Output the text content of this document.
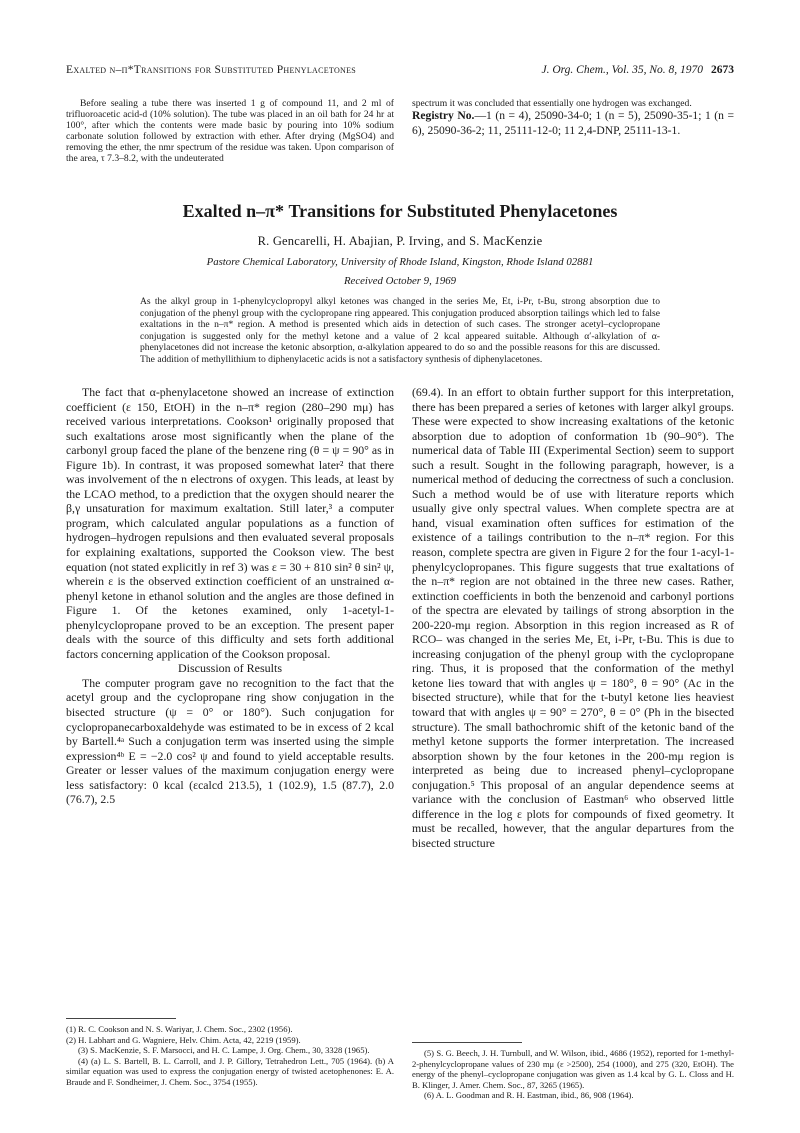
Exalted n–π*Transitions for Substituted Phenylacetones	J. Org. Chem., Vol. 35, No. 8, 1970 2673

Before sealing a tube there was inserted 1 g of compound 11, and 2 ml of trifluoroacetic acid-d (10% solution). The tube was placed in an oil bath for 24 hr at 100°, after which the contents were made basic by pouring into 10% sodium carbonate solution followed by extraction with ether. After drying (MgSO4) and removing the ether, the nmr spectrum of the residue was taken. Upon comparison of the area, τ 7.3–8.2, with the undeuterated

spectrum it was concluded that essentially one hydrogen was exchanged.

Registry No.—1 (n = 4), 25090-34-0; 1 (n = 5), 25090-35-1; 1 (n = 6), 25090-36-2; 11, 25111-12-0; 11 2,4-DNP, 25111-13-1.

Exalted n–π* Transitions for Substituted Phenylacetones
R. Gencarelli, H. Abajian, P. Irving, and S. MacKenzie
Pastore Chemical Laboratory, University of Rhode Island, Kingston, Rhode Island 02881
Received October 9, 1969
As the alkyl group in 1-phenylcyclopropyl alkyl ketones was changed in the series Me, Et, i-Pr, t-Bu, strong absorption due to conjugation of the phenyl group with the cyclopropane ring appeared. This conjugation produced absorption tailings which led to false exaltations in the n–π* region. A method is presented which aids in detection of such cases. The stronger acetyl–cyclopropane conjugation is suggested only for the methyl ketone and a value of 2 kcal appeared suitable. Although α′-alkylation of α-phenylacetones did not increase the ketonic absorption, α-alkylation appeared to do so and the possible reasons for this are discussed. The addition of methyllithium to diphenylacetic acids is not a satisfactory synthesis of diphenylacetones.

The fact that α-phenylacetone showed an increase of extinction coefficient (ε 150, EtOH) in the n–π* region (280–290 mμ) has received various interpretations. Cookson¹ originally proposed that such exaltations arose most significantly when the plane of the carbonyl group faced the plane of the benzene ring (θ = ψ = 90° as in Figure 1b). In contrast, it was proposed somewhat later² that there was involvement of the n electrons of oxygen. This leads, at least by the LCAO method, to a prediction that the oxygen should nearer the β,γ unsaturation for maximum exaltation. Still later,³ a computer program, which calculated angular populations as a function of hydrogen–hydrogen repulsions and then evaluated several proposals for explaining exaltations, supported the Cookson view. The best equation (not stated explicitly in ref 3) was ε = 30 + 810 sin² θ sin² ψ, wherein ε is the observed extinction coefficient of an unstrained α-phenyl ketone in ethanol solution and the angles are those defined in Figure 1. Of the ketones examined, only 1-acetyl-1-phenylcyclopropane proved to be an exception. The present paper deals with the source of this difficulty and sets forth additional factors concerning application of the Cookson proposal.

Discussion of Results

The computer program gave no recognition to the fact that the acetyl group and the cyclopropane ring show conjugation in the bisected structure (ψ = 0° or 180°). Such conjugation for cyclopropanecarboxaldehyde was estimated to be in excess of 2 kcal by Bartell.⁴ᵃ Such a conjugation term was inserted using the simple expression⁴ᵇ E = −2.0 cos² ψ and found to yield acceptable results. Greater or lesser values of the maximum conjugation energy were less satisfactory: 0 kcal (εcalcd 213.5), 1 (102.9), 1.5 (87.7), 2.0 (76.7), 2.5

(69.4). In an effort to obtain further support for this interpretation, there has been prepared a series of ketones with larger alkyl groups. These were expected to show increasing exaltations of the ketonic absorption due to adoption of conformation 1b (90–90°). The numerical data of Table III (Experimental Section) seem to support such a result. Sought in the following paragraph, however, is a numerical method of deducing the correctness of such a conclusion. Such a method would be of use with literature reports which usually give only spectral values. When complete spectra are at hand, visual examination often suffices for estimation of the existence of a tailings contribution to the n–π* region. For this reason, complete spectra are given in Figure 2 for the four 1-acyl-1-phenylcyclopropanes. This figure suggests that true exaltations of the n–π* region are not obtained in the three new cases. Rather, extinction coefficients in both the benzenoid and carbonyl portions of the spectra are elevated by tailings of strong absorption in the 200-220-mμ region. Absorption in this region increased as R of RCO– was changed in the series Me, Et, i-Pr, t-Bu. This is due to increasing conjugation of the phenyl group with the cyclopropane ring. Thus, it is proposed that the conformation of the methyl ketone lies toward that with angles ψ = 180°, θ = 90° (Ac in the bisected structure), while that for the t-butyl ketone lies heaviest toward that with angles ψ = 90° = 270°, θ = 0° (Ph in the bisected structure). The small bathochromic shift of the ketonic band of the methyl ketone supports the former interpretation. The increased absorption shown by the four ketones in the 200-mμ region is interpreted as being due to increased phenyl–cyclopropane conjugation.⁵ This proposal of an angular dependence seems at variance with the conclusion of Eastman⁶ who observed little difference in the log ε plots for compounds of fixed geometry. It must be recalled, however, that the angular departures from the bisected structure

(1) R. C. Cookson and N. S. Wariyar, J. Chem. Soc., 2302 (1956).

(2) H. Labhart and G. Wagniere, Helv. Chim. Acta, 42, 2219 (1959).

(3) S. MacKenzie, S. F. Marsocci, and H. C. Lampe, J. Org. Chem., 30, 3328 (1965).

(4) (a) L. S. Bartell, B. L. Carroll, and J. P. Gillory, Tetrahedron Lett., 705 (1964). (b) A similar equation was used to express the conjugation energy of twisted acetophenones: E. A. Braude and F. Sondheimer, J. Chem. Soc., 3754 (1955).

(5) S. G. Beech, J. H. Turnbull, and W. Wilson, ibid., 4686 (1952), reported for 1-methyl-2-phenylcyclopropane values of 230 mμ (ε >2500), 254 (1000), and 275 (320, EtOH). The energy of the phenyl–cyclopropane conjugation was given as 1.4 kcal by G. L. Closs and H. B. Klinger, J. Amer. Chem. Soc., 87, 3265 (1965).

(6) A. L. Goodman and R. H. Eastman, ibid., 86, 908 (1964).
